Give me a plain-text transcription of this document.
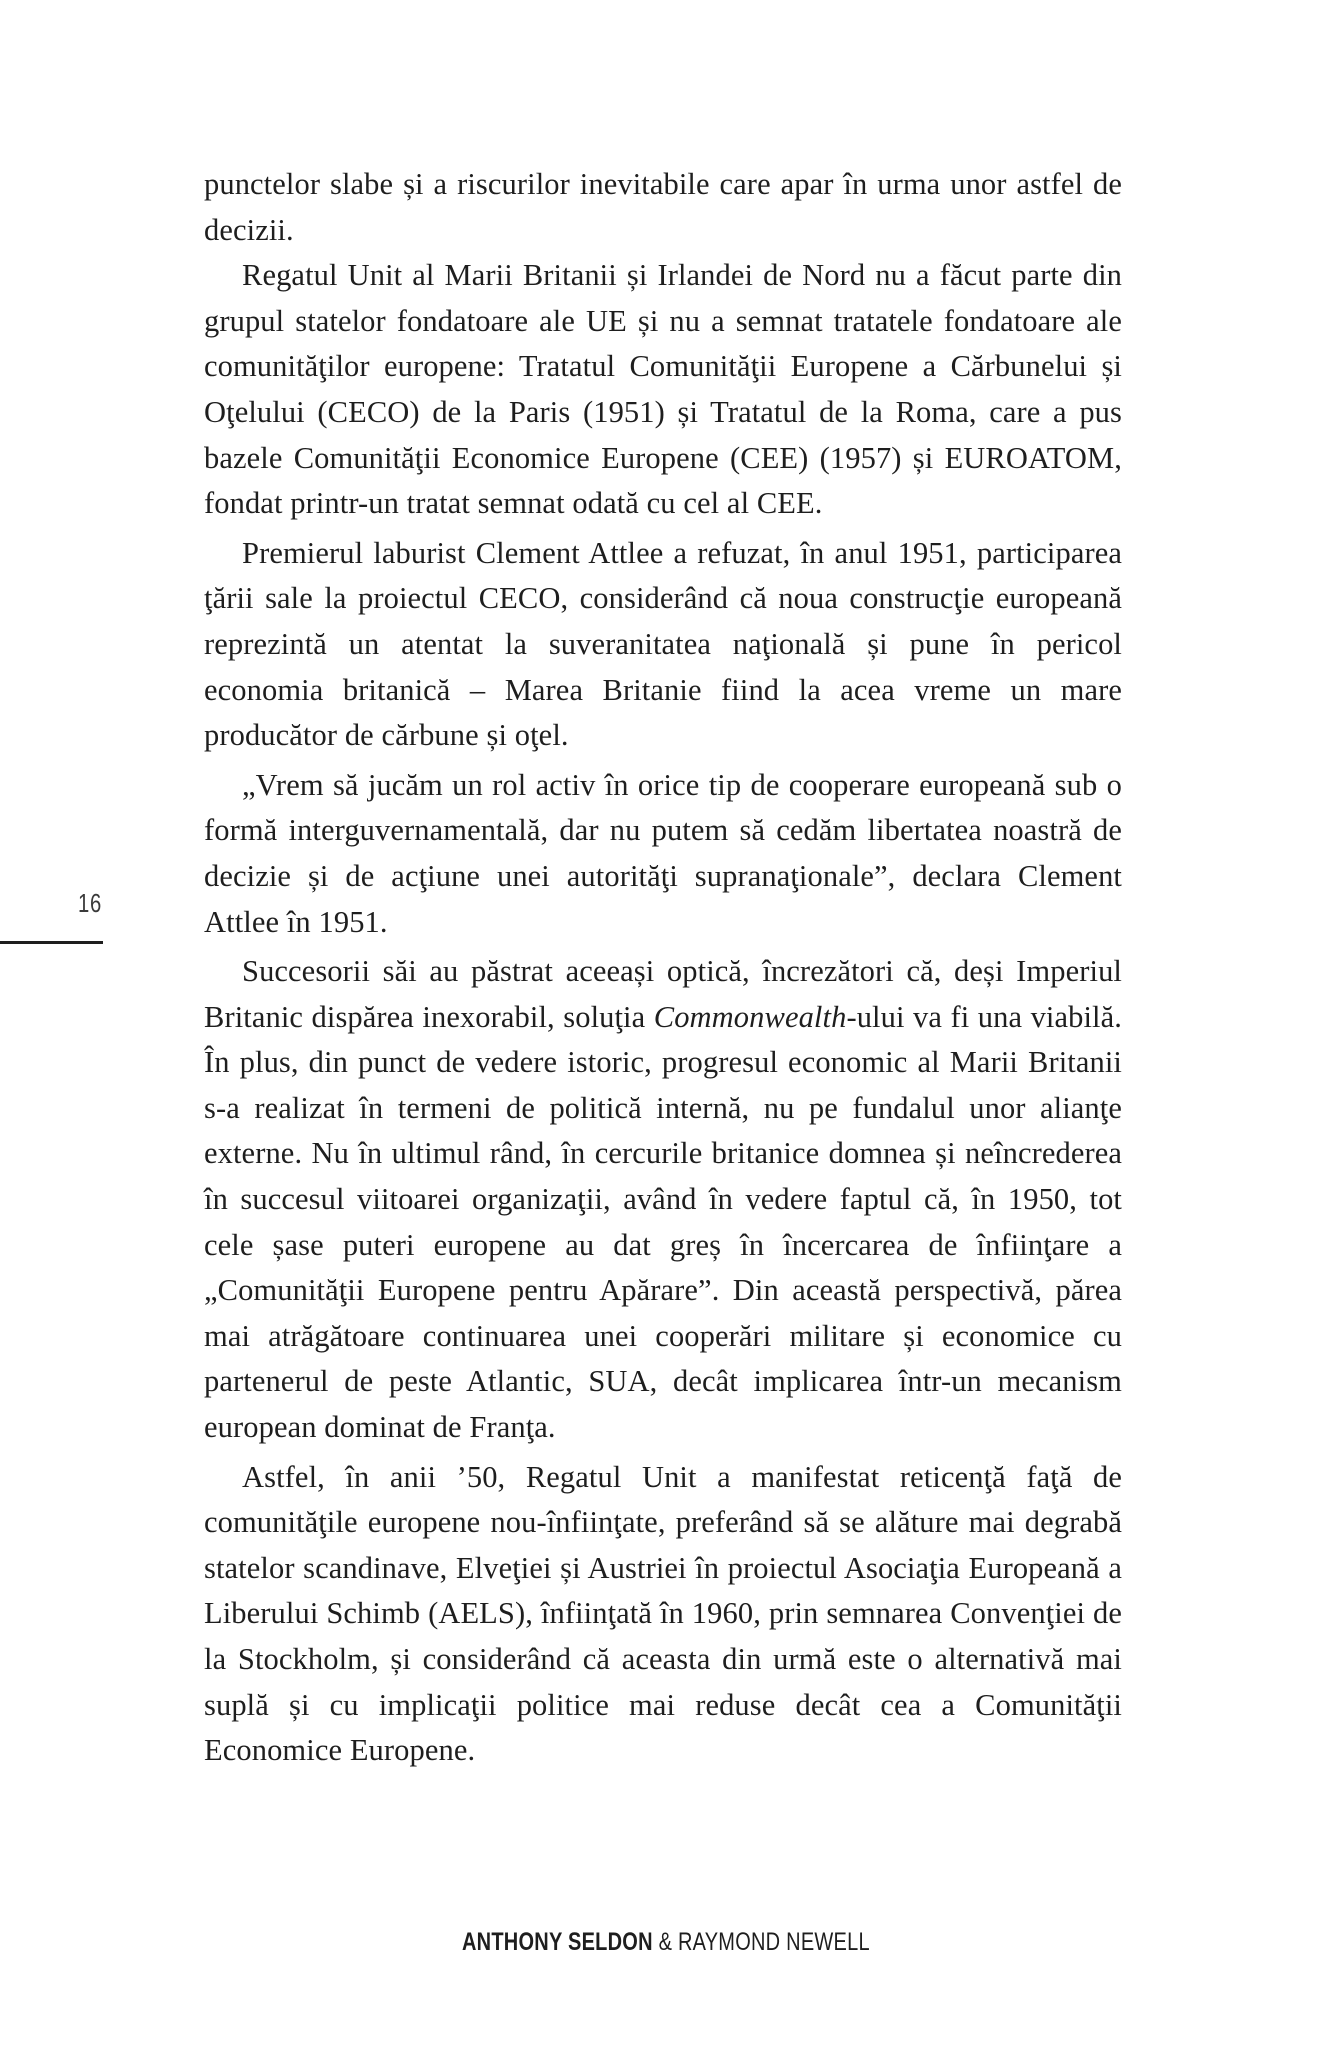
punctelor slabe și a riscurilor inevitabile care apar în urma unor astfel de decizii.

Regatul Unit al Marii Britanii și Irlandei de Nord nu a făcut parte din grupul statelor fondatoare ale UE și nu a semnat tratatele fondatoare ale comunităţilor europene: Tratatul Comunităţii Europene a Cărbunelui și Oţelului (CECO) de la Paris (1951) și Tratatul de la Roma, care a pus bazele Comunităţii Economice Europene (CEE) (1957) și EUROATOM, fondat printr-un tratat semnat odată cu cel al CEE.

Premierul laburist Clement Attlee a refuzat, în anul 1951, participarea ţării sale la proiectul CECO, considerând că noua construcţie europeană reprezintă un atentat la suveranitatea naţională și pune în pericol economia britanică – Marea Britanie fiind la acea vreme un mare producător de cărbune și oţel.

„Vrem să jucăm un rol activ în orice tip de cooperare europeană sub o formă interguvernamentală, dar nu putem să cedăm libertatea noastră de decizie și de acţiune unei autorităţi supranaţionale”, declara Clement Attlee în 1951.

Succesorii săi au păstrat aceeași optică, încrezători că, deși Imperiul Britanic dispărea inexorabil, soluţia Commonwealth-ului va fi una viabilă. În plus, din punct de vedere istoric, progresul economic al Marii Britanii s-a realizat în termeni de politică internă, nu pe fundalul unor alianţe externe. Nu în ultimul rând, în cercurile britanice domnea și neîncrederea în succesul viitoarei organizaţii, având în vedere faptul că, în 1950, tot cele șase puteri europene au dat greș în încercarea de înfiinţare a „Comunităţii Europene pentru Apărare”. Din această perspectivă, părea mai atrăgătoare continuarea unei cooperări militare și economice cu partenerul de peste Atlantic, SUA, decât implicarea într-un mecanism european dominat de Franţa.

Astfel, în anii ’50, Regatul Unit a manifestat reticenţă faţă de comunităţile europene nou-înfiinţate, preferând să se alăture mai degrabă statelor scandinave, Elveţiei și Austriei în proiectul Asociaţia Europeană a Liberului Schimb (AELS), înfiinţată în 1960, prin semnarea Convenţiei de la Stockholm, și considerând că aceasta din urmă este o alternativă mai suplă și cu implicaţii politice mai reduse decât cea a Comunităţii Economice Europene.

16
ANTHONY SELDON & RAYMOND NEWELL
